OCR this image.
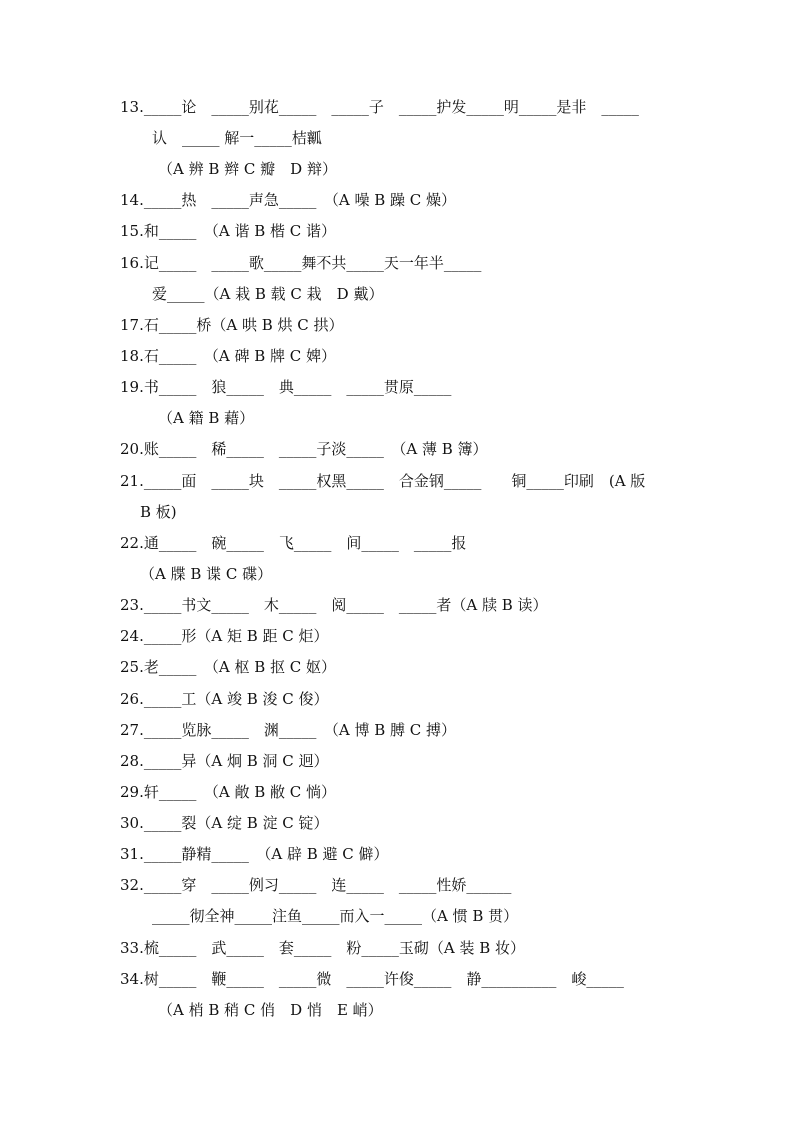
13._____论　_____别花_____　_____子　_____护发_____明_____是非　_____
认　_____ 解一_____桔瓤
（A 辨 B 辫 C 瓣　D 辩）
14._____热　_____声急_____　（A 噪 B 躁 C 燥）
15.和_____　（A 谐 B 楷 C 谐）
16.记_____　_____歌_____舞不共_____天一年半_____
爱_____（A 栽 B 载 C 栽　D 戴）
17.石_____桥（A 哄 B 烘 C 拱）
18.石_____　（A 碑 B 牌 C 婢）
19.书_____　狼_____　典_____　_____贯原_____
（A 籍 B 藉）
20.账_____　稀_____　_____子淡_____　（A 薄 B 簿）
21._____面　_____块　_____权黑_____　合金钢_____　　铜_____印刷　(A 版
B 板)
22.通_____　碗_____　飞_____　间_____　_____报
（A 牒 B 谍 C 碟）
23._____书文_____　木_____　阅_____　_____者（A 牍 B 读）
24._____形（A 矩 B 距 C 炬）
25.老_____　（A 枢 B 抠 C 妪）
26._____工（A 竣 B 浚 C 俊）
27._____览脉_____　渊_____　（A 博 B 膊 C 搏）
28._____异（A 炯 B 洞 C 迥）
29.轩_____　（A 敞 B 敝 C 惝）
30._____裂（A 绽 B 淀 C 锭）
31._____静精_____　（A 辟 B 避 C 僻）
32._____穿　_____例习_____　连_____　_____性娇______
_____彻全神_____注鱼_____而入一_____（A 惯 B 贯）
33.梳_____　武_____　套_____　粉_____玉砌（A 装 B 妆）
34.树_____　鞭_____　_____微　_____许俊_____　静__________　峻_____
（A 梢 B 稍 C 俏　D 悄　E 峭）
